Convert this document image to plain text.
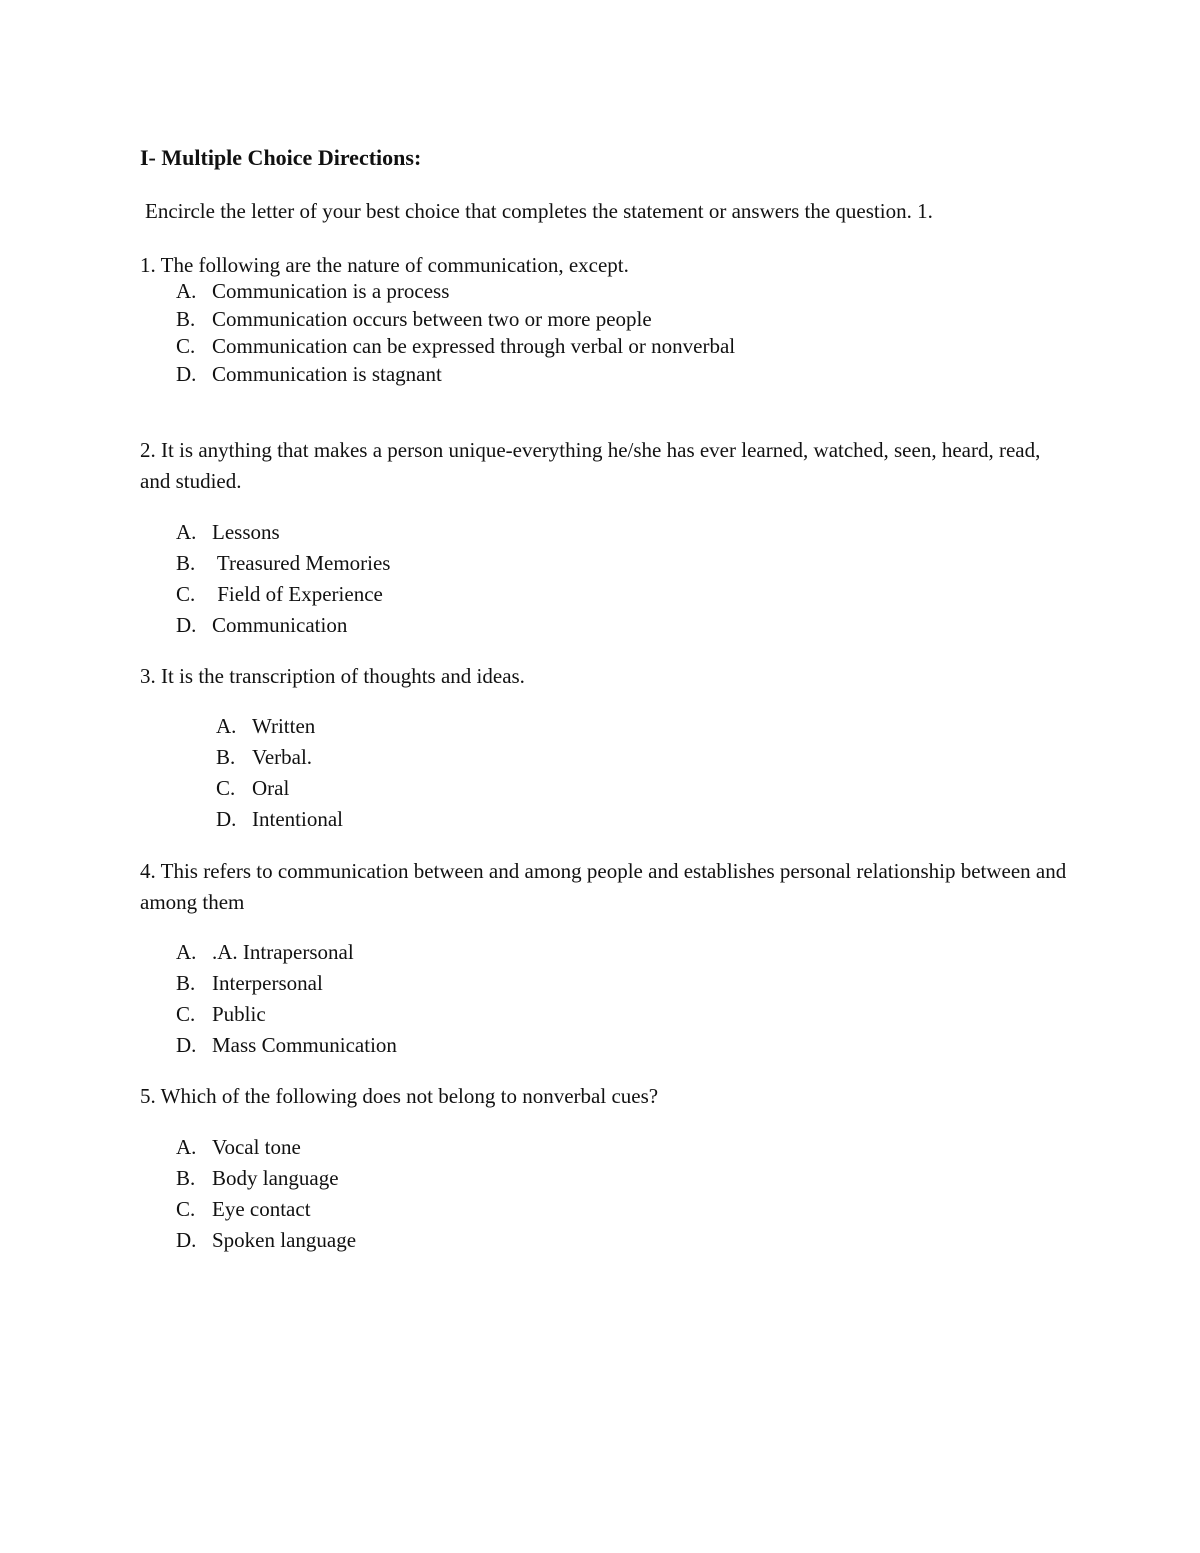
I- Multiple Choice Directions:
Encircle the letter of your best choice that completes the statement or answers the question. 1.
1. The following are the nature of communication, except.
A. Communication is a process
B. Communication occurs between two or more people
C. Communication can be expressed through verbal or nonverbal
D. Communication is stagnant
2. It is anything that makes a person unique-everything he/she has ever learned, watched, seen, heard, read, and studied.
A. Lessons
B. Treasured Memories
C. Field of Experience
D. Communication
3. It is the transcription of thoughts and ideas.
A. Written
B. Verbal.
C. Oral
D. Intentional
4. This refers to communication between and among people and establishes personal relationship between and among them
A. .A. Intrapersonal
B. Interpersonal
C. Public
D. Mass Communication
5. Which of the following does not belong to nonverbal cues?
A. Vocal tone
B. Body language
C. Eye contact
D. Spoken language
